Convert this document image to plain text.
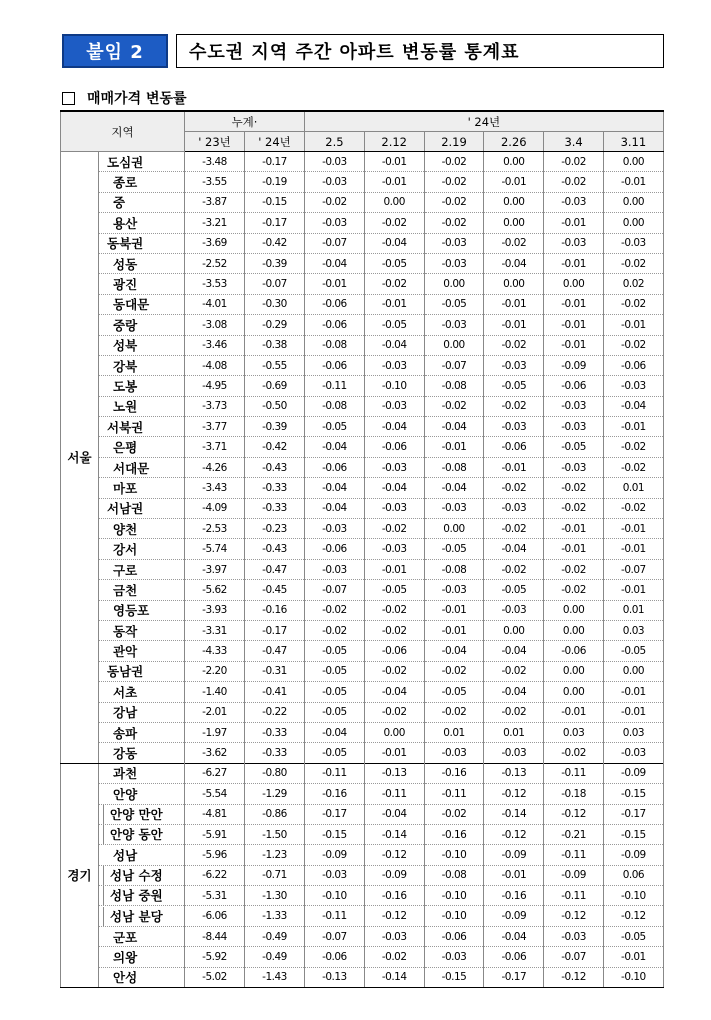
붙임 2	수도권 지역 주간 아파트 변동률 통계표
매매가격 변동률
지역		누계·		' 24년					
		' 23년	' 24년	2.5	2.12	2.19	2.26	3.4	3.11
서울	도심권	-3.48	-0.17	-0.03	-0.01	-0.02	0.00	-0.02	0.00
	종로	-3.55	-0.19	-0.03	-0.01	-0.02	-0.01	-0.02	-0.01
	중	-3.87	-0.15	-0.02	0.00	-0.02	0.00	-0.03	0.00
	용산	-3.21	-0.17	-0.03	-0.02	-0.02	0.00	-0.01	0.00
	동북권	-3.69	-0.42	-0.07	-0.04	-0.03	-0.02	-0.03	-0.03
	성동	-2.52	-0.39	-0.04	-0.05	-0.03	-0.04	-0.01	-0.02
	광진	-3.53	-0.07	-0.01	-0.02	0.00	0.00	0.00	0.02
	동대문	-4.01	-0.30	-0.06	-0.01	-0.05	-0.01	-0.01	-0.02
	중랑	-3.08	-0.29	-0.06	-0.05	-0.03	-0.01	-0.01	-0.01
	성북	-3.46	-0.38	-0.08	-0.04	0.00	-0.02	-0.01	-0.02
	강북	-4.08	-0.55	-0.06	-0.03	-0.07	-0.03	-0.09	-0.06
	도봉	-4.95	-0.69	-0.11	-0.10	-0.08	-0.05	-0.06	-0.03
	노원	-3.73	-0.50	-0.08	-0.03	-0.02	-0.02	-0.03	-0.04
	서북권	-3.77	-0.39	-0.05	-0.04	-0.04	-0.03	-0.03	-0.01
	은평	-3.71	-0.42	-0.04	-0.06	-0.01	-0.06	-0.05	-0.02
	서대문	-4.26	-0.43	-0.06	-0.03	-0.08	-0.01	-0.03	-0.02
	마포	-3.43	-0.33	-0.04	-0.04	-0.04	-0.02	-0.02	0.01
	서남권	-4.09	-0.33	-0.04	-0.03	-0.03	-0.03	-0.02	-0.02
	양천	-2.53	-0.23	-0.03	-0.02	0.00	-0.02	-0.01	-0.01
	강서	-5.74	-0.43	-0.06	-0.03	-0.05	-0.04	-0.01	-0.01
	구로	-3.97	-0.47	-0.03	-0.01	-0.08	-0.02	-0.02	-0.07
	금천	-5.62	-0.45	-0.07	-0.05	-0.03	-0.05	-0.02	-0.01
	영등포	-3.93	-0.16	-0.02	-0.02	-0.01	-0.03	0.00	0.01
	동작	-3.31	-0.17	-0.02	-0.02	-0.01	0.00	0.00	0.03
	관악	-4.33	-0.47	-0.05	-0.06	-0.04	-0.04	-0.06	-0.05
	동남권	-2.20	-0.31	-0.05	-0.02	-0.02	-0.02	0.00	0.00
	서초	-1.40	-0.41	-0.05	-0.04	-0.05	-0.04	0.00	-0.01
	강남	-2.01	-0.22	-0.05	-0.02	-0.02	-0.02	-0.01	-0.01
	송파	-1.97	-0.33	-0.04	0.00	0.01	0.01	0.03	0.03
	강동	-3.62	-0.33	-0.05	-0.01	-0.03	-0.03	-0.02	-0.03
경기	과천	-6.27	-0.80	-0.11	-0.13	-0.16	-0.13	-0.11	-0.09
	안양	-5.54	-1.29	-0.16	-0.11	-0.11	-0.12	-0.18	-0.15
	안양 만안	-4.81	-0.86	-0.17	-0.04	-0.02	-0.14	-0.12	-0.17
	안양 동안	-5.91	-1.50	-0.15	-0.14	-0.16	-0.12	-0.21	-0.15
	성남	-5.96	-1.23	-0.09	-0.12	-0.10	-0.09	-0.11	-0.09
	성남 수정	-6.22	-0.71	-0.03	-0.09	-0.08	-0.01	-0.09	0.06
	성남 중원	-5.31	-1.30	-0.10	-0.16	-0.10	-0.16	-0.11	-0.10
	성남 분당	-6.06	-1.33	-0.11	-0.12	-0.10	-0.09	-0.12	-0.12
	군포	-8.44	-0.49	-0.07	-0.03	-0.06	-0.04	-0.03	-0.05
	의왕	-5.92	-0.49	-0.06	-0.02	-0.03	-0.06	-0.07	-0.01
	안성	-5.02	-1.43	-0.13	-0.14	-0.15	-0.17	-0.12	-0.10
